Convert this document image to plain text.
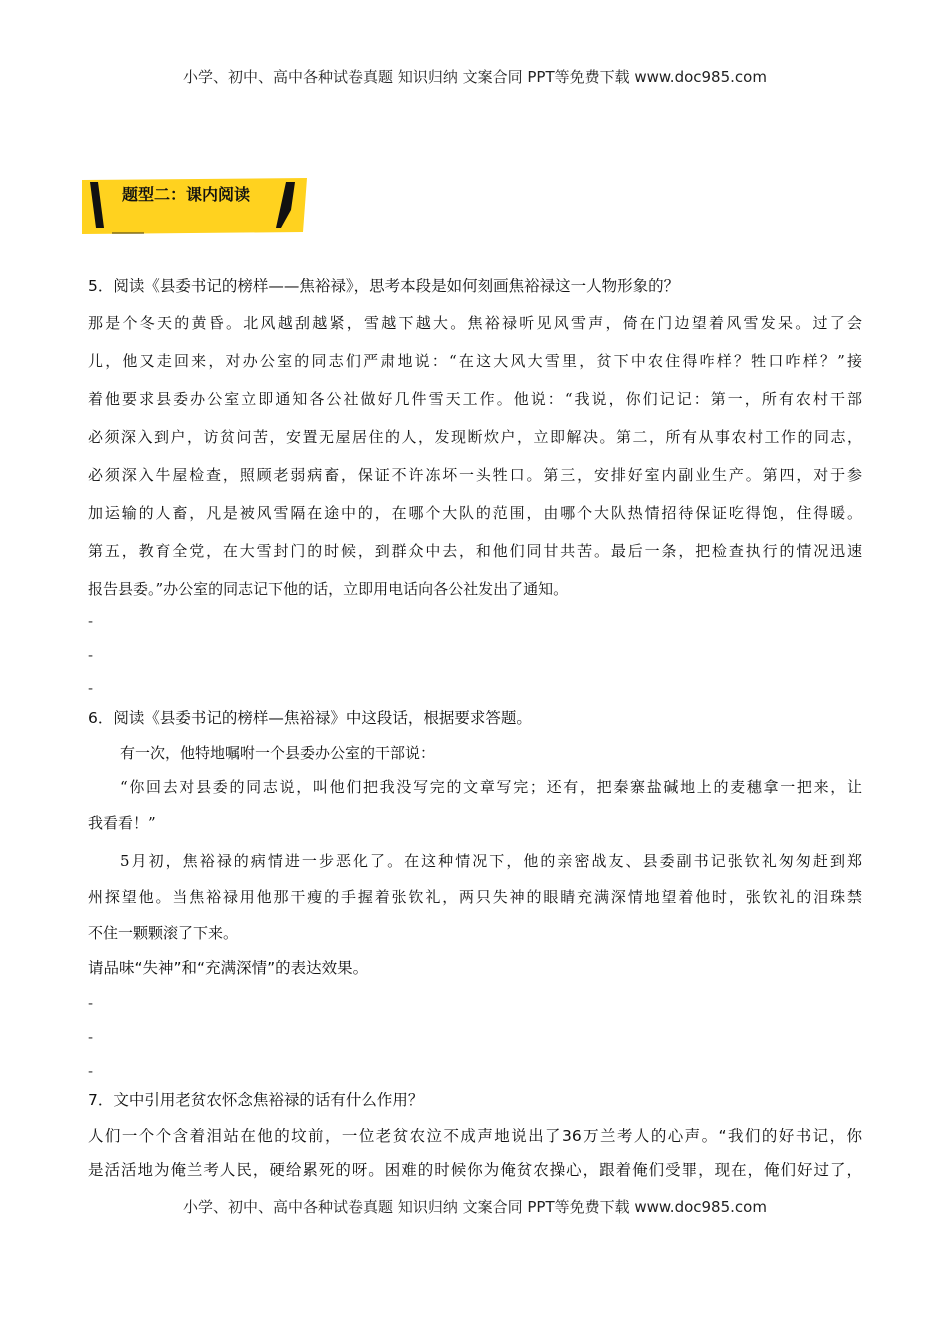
小学、初中、高中各种试卷真题 知识归纳 文案合同 PPT等免费下载 www.doc985.com
题型二：课内阅读
5．阅读《县委书记的榜样——焦裕禄》，思考本段是如何刻画焦裕禄这一人物形象的？
那是个冬天的黄昏。北风越刮越紧，雪越下越大。焦裕禄听见风雪声，倚在门边望着风雪发呆。过了会
儿，他又走回来，对办公室的同志们严肃地说：“在这大风大雪里，贫下中农住得咋样？牲口咋样？”接
着他要求县委办公室立即通知各公社做好几件雪天工作。他说：“我说，你们记记：第一，所有农村干部
必须深入到户，访贫问苦，安置无屋居住的人，发现断炊户，立即解决。第二，所有从事农村工作的同志，
必须深入牛屋检查，照顾老弱病畜，保证不许冻坏一头牲口。第三，安排好室内副业生产。第四，对于参
加运输的人畜，凡是被风雪隔在途中的，在哪个大队的范围，由哪个大队热情招待保证吃得饱，住得暖。
第五，教育全党，在大雪封门的时候，到群众中去，和他们同甘共苦。最后一条，把检查执行的情况迅速
报告县委。”办公室的同志记下他的话，立即用电话向各公社发出了通知。
-
-
-
6．阅读《县委书记的榜样—焦裕禄》中这段话，根据要求答题。
有一次，他特地嘱咐一个县委办公室的干部说：
“你回去对县委的同志说，叫他们把我没写完的文章写完；还有，把秦寨盐碱地上的麦穗拿一把来，让
我看看！”
5月初，焦裕禄的病情进一步恶化了。在这种情况下，他的亲密战友、县委副书记张钦礼匆匆赶到郑
州探望他。当焦裕禄用他那干瘦的手握着张钦礼，两只失神的眼睛充满深情地望着他时，张钦礼的泪珠禁
不住一颗颗滚了下来。
请品味“失神”和“充满深情”的表达效果。
-
-
-
7．文中引用老贫农怀念焦裕禄的话有什么作用？
人们一个个含着泪站在他的坟前，一位老贫农泣不成声地说出了36万兰考人的心声。“我们的好书记，你
是活活地为俺兰考人民，硬给累死的呀。困难的时候你为俺贫农操心，跟着俺们受罪，现在，俺们好过了，
小学、初中、高中各种试卷真题 知识归纳 文案合同 PPT等免费下载 www.doc985.com
